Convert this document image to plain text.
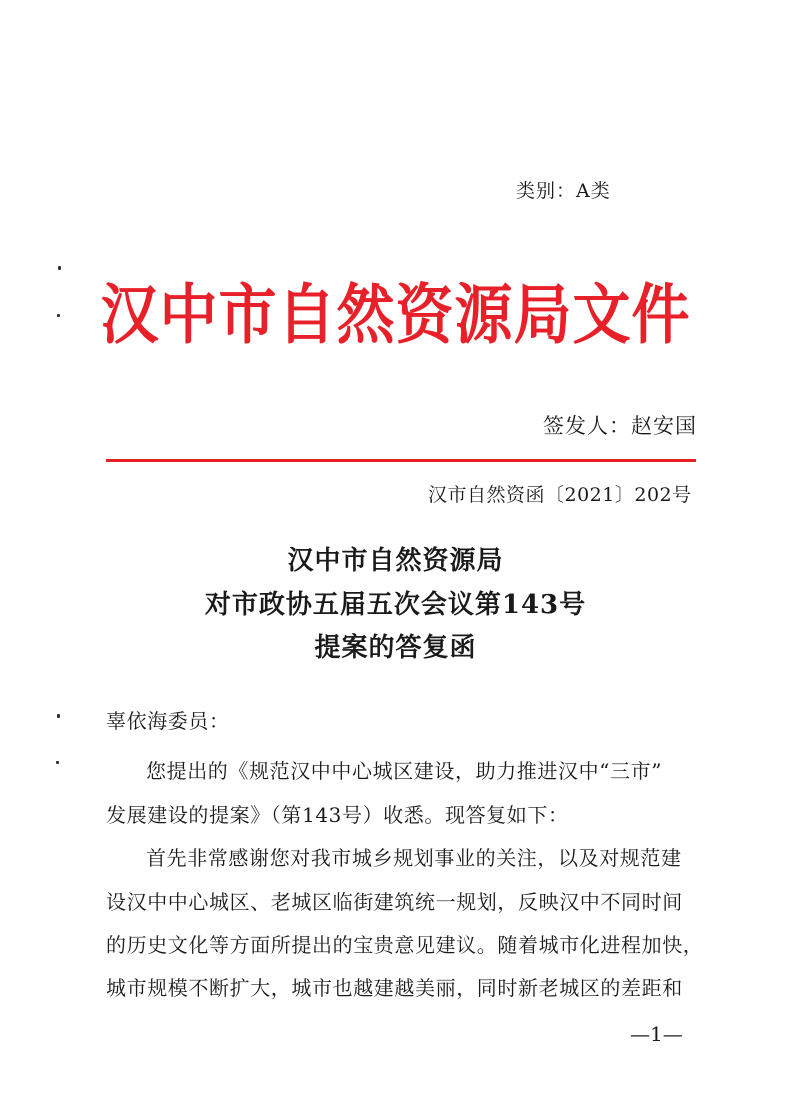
类别：A类
汉中市自然资源局文件
签发人：赵安国
汉市自然资函〔2021〕202号
汉中市自然资源局
对市政协五届五次会议第143号
提案的答复函
辜依海委员：
您提出的《规范汉中中心城区建设，助力推进汉中“三市”
发展建设的提案》（第143号）收悉。现答复如下：
首先非常感谢您对我市城乡规划事业的关注，以及对规范建
设汉中中心城区、老城区临街建筑统一规划，反映汉中不同时间
的历史文化等方面所提出的宝贵意见建议。随着城市化进程加快，
城市规模不断扩大，城市也越建越美丽，同时新老城区的差距和
—1—
